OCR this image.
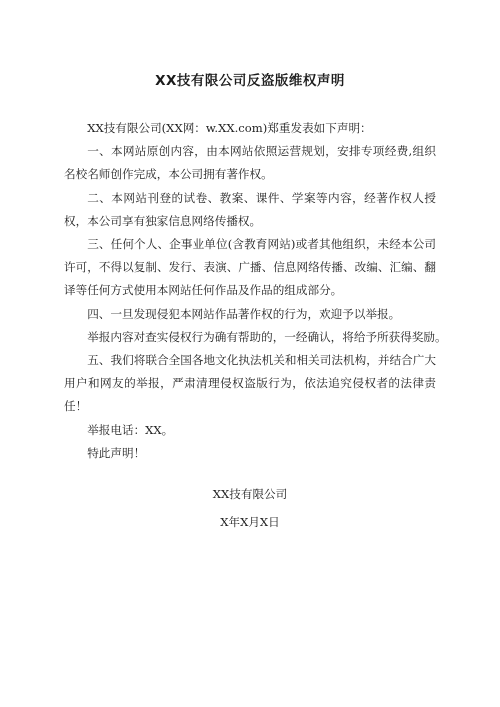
XX技有限公司反盗版维权声明

XX技有限公司(XX网：w.XX.com)郑重发表如下声明：

一、本网站原创内容，由本网站依照运营规划，安排专项经费,组织名校名师创作完成，本公司拥有著作权。

二、本网站刊登的试卷、教案、课件、学案等内容，经著作权人授权，本公司享有独家信息网络传播权。

三、任何个人、企事业单位(含教育网站)或者其他组织，未经本公司许可，不得以复制、发行、表演、广播、信息网络传播、改编、汇编、翻译等任何方式使用本网站任何作品及作品的组成部分。

四、一旦发现侵犯本网站作品著作权的行为，欢迎予以举报。

举报内容对查实侵权行为确有帮助的，一经确认，将给予所获得奖励。

五、我们将联合全国各地文化执法机关和相关司法机构，并结合广大用户和网友的举报，严肃清理侵权盗版行为，依法追究侵权者的法律责任！

举报电话：XX。

特此声明！

XX技有限公司
X年X月X日
